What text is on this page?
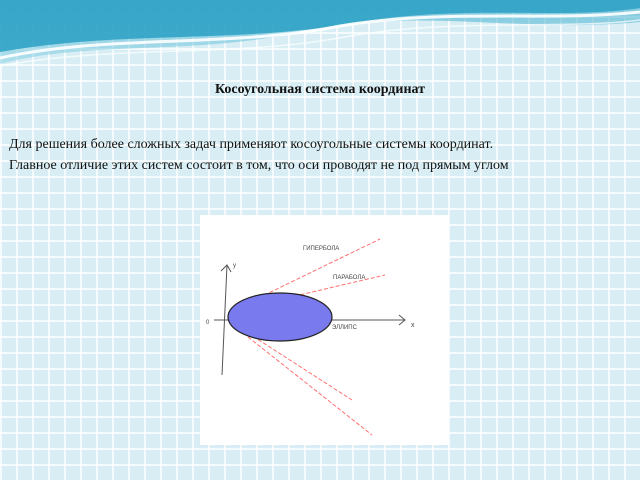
Косоугольная система координат

Для решения более сложных задач применяют косоугольные системы координат.

Главное отличие этих систем состоит в том, что оси проводят не под прямым углом

ГИПЕРБОЛА
ПАРАБОЛА
ЭЛЛИПС	x
y
0
